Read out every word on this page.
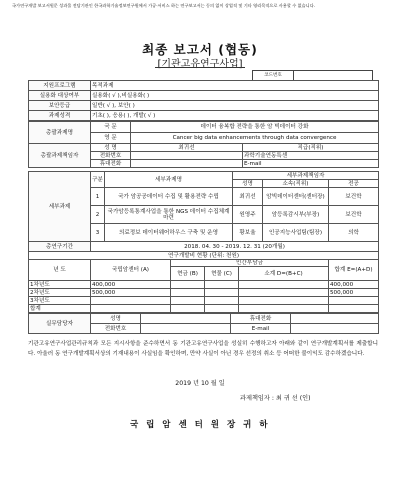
국가연구개발 보고서원문 성과물 전담기관인 한국과학기술정보연구원에서 가공·서비스 하는 연구보고서는 동의 없이 상업적 및 기타 영리목적으로 사용할 수 없습니다.
최종 보고서 (협동)
[기관고유연구사업]
코드번호
지원프로그램	목적과제
실용화 대상여부	실용화( √ ),비실용화( )
보안등급	일반( √ ), 보안( )
과제성격	기초( ), 응용( ), 개발( √ )
총괄과제명	국 문	데이터 융복합 전략을 통한 암 빅데이터 강화	
	영 문	Cancer big data enhancements through data convergence	
총괄과제책임자	성 명	최귀선	직급(직위)
	전화번호		과학기술연동특센
	휴대전화		E-mail
세부과제	구분	세부과제명	세부과제책임자		
			성명	소속(직위)	전공
	1	국가 암공공데이터 수집 및 활용전략 수립	최귀선	암빅데이터센터(센터장)	보건학
	2	국가암등록통계사업을 통한 NGS 데이터 수집체계 마련	원영주	암등록감시부(부장)	보건학
	3	의료정보 데이터웨어하우스 구축 및 운영	황보율	인공지능사업팀(팀장)	의학
총연구기간	2018. 04. 30 - 2019. 12. 31 (20개월)
연구개발비 현황 (단위: 천원)					
년 도	국립암센터 (A)	민간부담금			합계 E=(A+D)
		현금 (B)	현물 (C)	소계 D=(B+C)	
1차년도	400,000				400,000
2차년도	500,000				500,000
3차년도					
합계					
실무담당자	성명		휴대전화	
	전화번호		E-mail	
기관고유연구사업관리규칙과 모든 지시사항을 준수하면서 동 기관고유연구사업을 성실히 수행하고자 아래와 같이 연구개발계획서를 제출합니다. 아울러 동 연구개발계획서상의 기재내용이 사실임을 확인하며, 만약 사실이 아닌 경우 선정의 취소 등 어떠한 불이익도 감수하겠습니다.
2019 년 10 월 일
과제책임자 : 최 귀 선 (인)
국 립 암 센 터 원 장 귀 하
